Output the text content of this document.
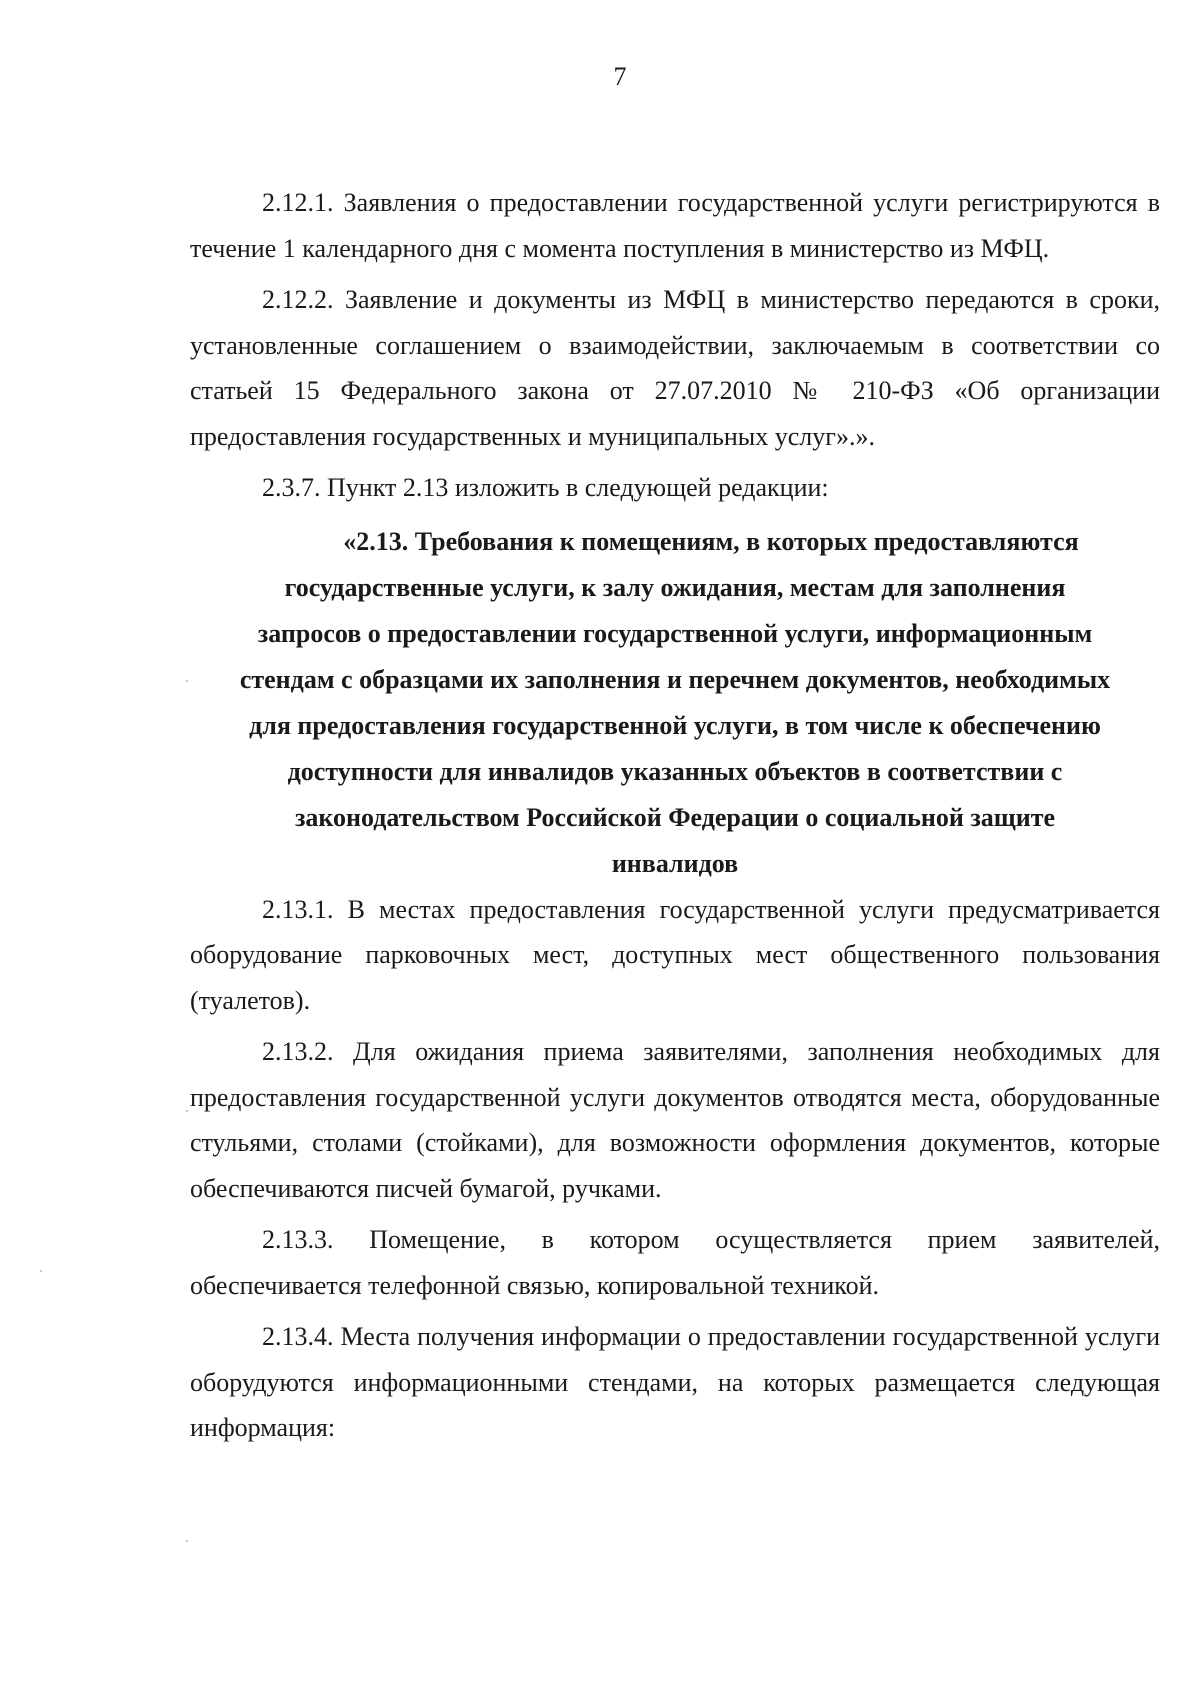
7

2.12.1. Заявления о предоставлении государственной услуги регистрируются в течение 1 календарного дня с момента поступления в министерство из МФЦ.

2.12.2. Заявление и документы из МФЦ в министерство передаются в сроки, установленные соглашением о взаимодействии, заключаемым в соответствии со статьей 15 Федерального закона от 27.07.2010 № 210-ФЗ «Об организации предоставления государственных и муниципальных услуг».».

2.3.7. Пункт 2.13 изложить в следующей редакции:

«2.13. Требования к помещениям, в которых предоставляются

государственные услуги, к залу ожидания, местам для заполнения

запросов о предоставлении государственной услуги, информационным

стендам с образцами их заполнения и перечнем документов, необходимых

для предоставления государственной услуги, в том числе к обеспечению

доступности для инвалидов указанных объектов в соответствии с

законодательством Российской Федерации о социальной защите

инвалидов

2.13.1. В местах предоставления государственной услуги предусматривается оборудование парковочных мест, доступных мест общественного пользования (туалетов).

2.13.2. Для ожидания приема заявителями, заполнения необходимых для предоставления государственной услуги документов отводятся места, оборудованные стульями, столами (стойками), для возможности оформления документов, которые обеспечиваются писчей бумагой, ручками.

2.13.3. Помещение, в котором осуществляется прием заявителей, обеспечивается телефонной связью, копировальной техникой.

2.13.4. Места получения информации о предоставлении государственной услуги оборудуются информационными стендами, на которых размещается следующая информация:
